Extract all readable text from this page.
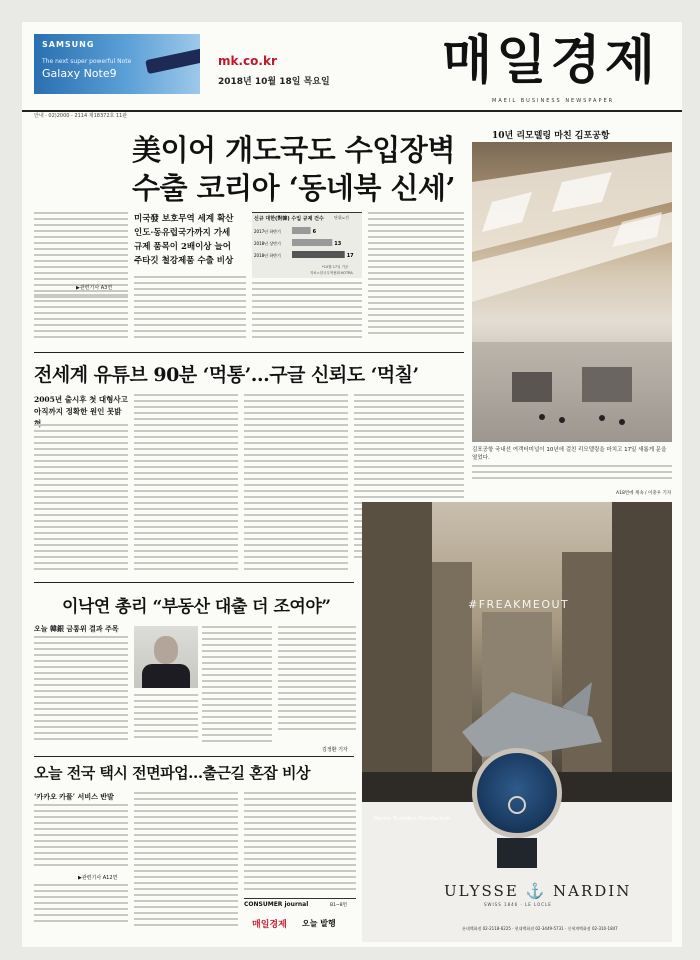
SAMSUNG
The next super powerful Note
Galaxy Note9
mk.co.kr
2018년 10월 18일 목요일 매일경제
MAEIL BUSINESS NEWSPAPER
안내 · 02)2000 - 2114 제18372호 11판
美이어 개도국도 수입장벽
수출 코리아 ‘동네북 신세’
▶관련기사 A3면
미국發 보호무역 세계 확산
인도·동유럽국가까지 가세
규제 품목이 2배이상 늘어
주타깃 철강제품 수출 비상
신규 대한(對韓) 수입 규제 건수	단위=건
2017년 하반기	6
2018년 상반기	13
2018년 하반기	17
*10월 17일 기준
자료=한국무역협회·KOTRA
10년 리모델링 마친 김포공항
전세계 유튜브 90분 ‘먹통’…구글 신뢰도 ‘먹칠’
2005년 출시후 첫 대형사고
아직까지 정확한 원인 못밝
김포공항 국내선 여객터미널이 10년에 걸친 리모델링을 마치고 17일 새롭게 문을 열었다.
A18면에 계속 / 이충우 기자
#FREAKMEOUT
Marine Tourbillon Manufacture
ULYSSE ⚓ NARDIN
SWISS 1846 · LE LOCLE
롯데백화점 02-2118-6225 · 현대백화점 02-3449-5731 · 신세계백화점 02-310-1847
이낙연 총리 “부동산 대출 더 조여야”
오늘 韓銀 금통위 결과 주목
김정환 기자
오늘 전국 택시 전면파업…출근길 혼잡 비상
‘카카오 카풀’ 서비스 반발
▶관련기사 A12면
CONSUMER journal	B1~8면
매일경제 오늘 발행
